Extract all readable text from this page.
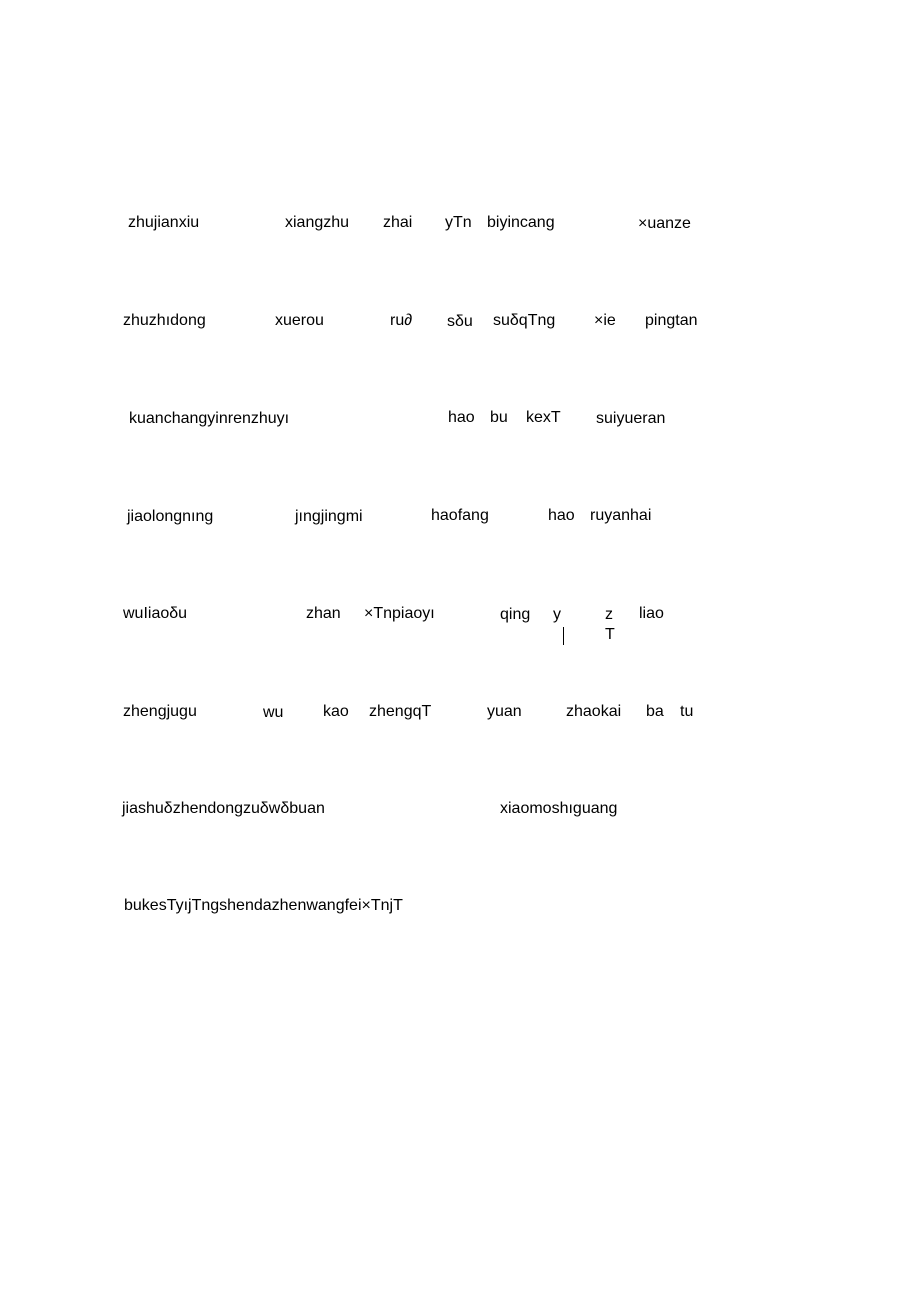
zhujianxiu	xiangzhu zhai yTn biyincang	×uanze
zhuzhıdong	xuerou	ru∂ sδu suδqTng ×ie pingtan
kuanchangyinrenzhuyı	hao bu kexT suiyueran
jiaolongnıng	jıngjingmi	haofang	hao ruyanhai
wuIiaoδu	zhan ×Tnpiaoyı	qing y	z liao
T
zhengjugu	wu kao zhengqT	yuan	zhaokai ba tu
jiashuδzhendongzuδwδbuan	xiaomoshıguang
bukesTyıjTngshendazhenwangfei×TnjT
